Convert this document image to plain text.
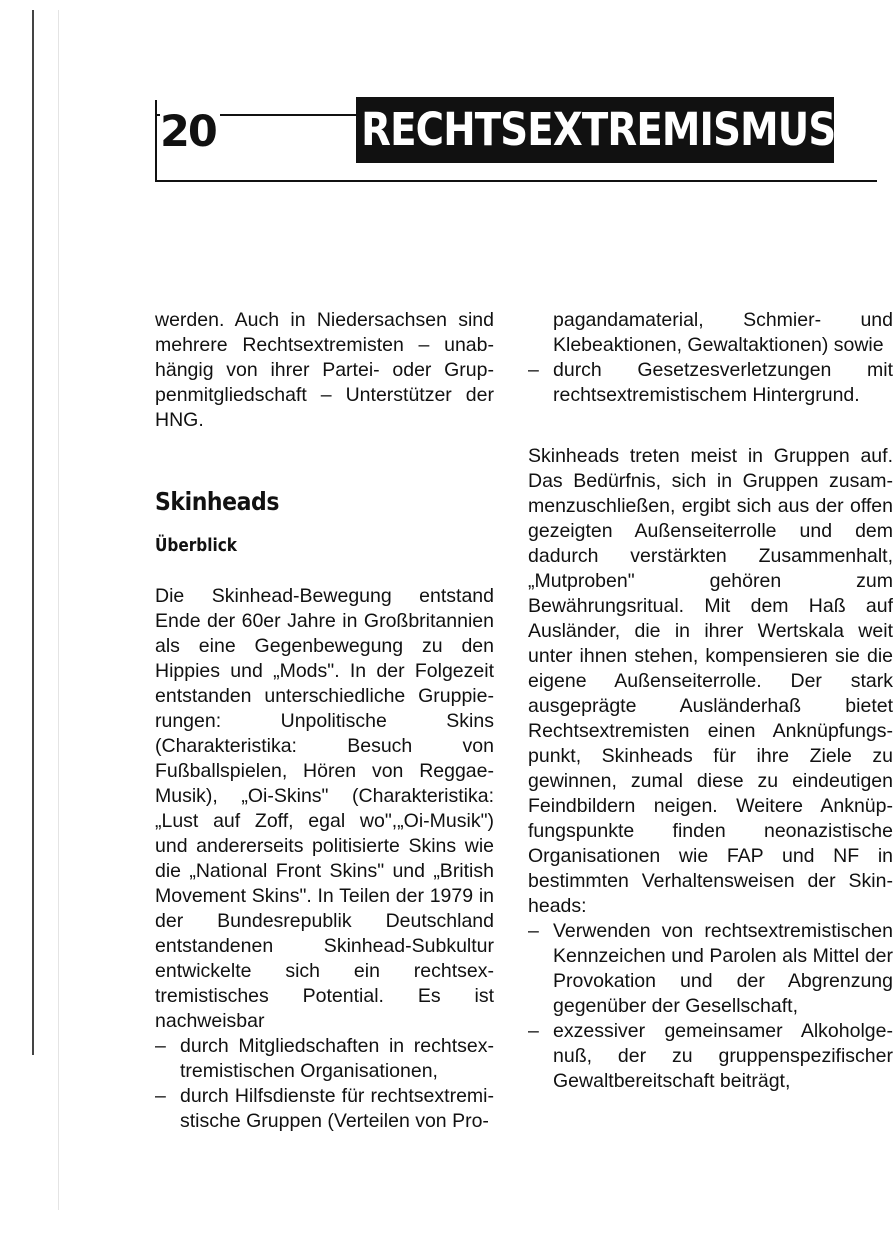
20	RECHTSEXTREMISMUS

werden. Auch in Niedersachsen sind mehrere Rechtsextremisten – unabhängig von ihrer Partei- oder Gruppenmitgliedschaft – Unterstützer der HNG.

Skinheads
Überblick

Die Skinhead-Bewegung entstand Ende der 60er Jahre in Großbritannien als eine Gegenbewegung zu den Hippies und „Mods". In der Folgezeit entstanden unterschiedliche Gruppierungen: Unpolitische Skins (Charakteristika: Besuch von Fußballspielen, Hören von Reggae-Musik), „Oi-Skins" (Charakteristika: „Lust auf Zoff, egal wo",„Oi-Musik") und andererseits politisierte Skins wie die „National Front Skins" und „British Movement Skins". In Teilen der 1979 in der Bundesrepublik Deutschland entstandenen Skinhead-Subkultur entwickelte sich ein rechtsextremistisches Potential. Es ist nachweisbar

– durch Mitgliedschaften in rechtsextremistischen Organisationen,
– durch Hilfsdienste für rechtsextremistische Gruppen (Verteilen von Pro-

pagandamaterial, Schmier- und Klebeaktionen, Gewaltaktionen) sowie

– durch Gesetzesverletzungen mit rechtsextremistischem Hintergrund.

Skinheads treten meist in Gruppen auf. Das Bedürfnis, sich in Gruppen zusammenzuschließen, ergibt sich aus der offen gezeigten Außenseiterrolle und dem dadurch verstärkten Zusammenhalt, „Mutproben" gehören zum Bewährungsritual. Mit dem Haß auf Ausländer, die in ihrer Wertskala weit unter ihnen stehen, kompensieren sie die eigene Außenseiterrolle. Der stark ausgeprägte Ausländerhaß bietet Rechtsextremisten einen Anknüpfungspunkt, Skinheads für ihre Ziele zu gewinnen, zumal diese zu eindeutigen Feindbildern neigen. Weitere Anknüpfungspunkte finden neonazistische Organisationen wie FAP und NF in bestimmten Verhaltensweisen der Skinheads:

– Verwenden von rechtsextremistischen Kennzeichen und Parolen als Mittel der Provokation und der Abgrenzung gegenüber der Gesellschaft,
– exzessiver gemeinsamer Alkoholgenuß, der zu gruppenspezifischer Gewaltbereitschaft beiträgt,
